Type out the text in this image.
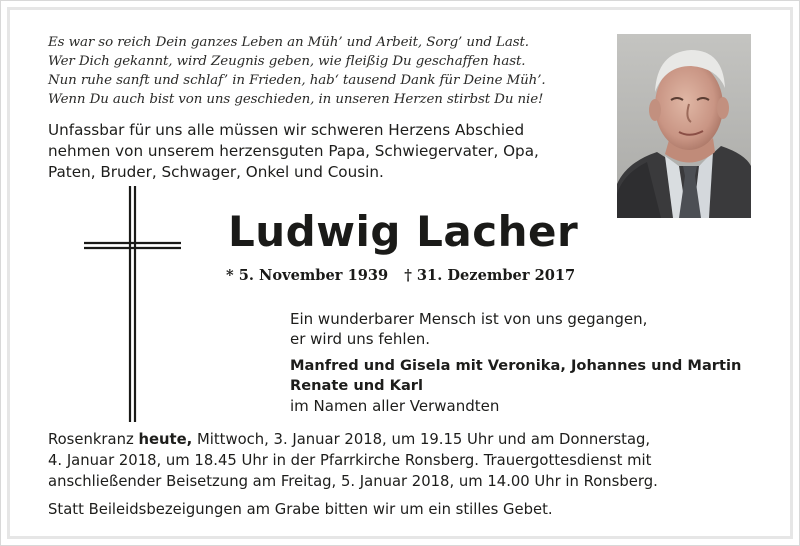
Es war so reich Dein ganzes Leben an Müh’ und Arbeit, Sorg’ und Last.
Wer Dich gekannt, wird Zeugnis geben, wie fleißig Du geschaffen hast.
Nun ruhe sanft und schlaf’ in Frieden, hab‘ tausend Dank für Deine Müh’.
Wenn Du auch bist von uns geschieden, in unseren Herzen stirbst Du nie!
Unfassbar für uns alle müssen wir schweren Herzens Abschied
nehmen von unserem herzensguten Papa, Schwiegervater, Opa,
Paten, Bruder, Schwager, Onkel und Cousin.
Ludwig Lacher
* 5. November 1939 † 31. Dezember 2017
Ein wunderbarer Mensch ist von uns gegangen,
er wird uns fehlen.
Manfred und Gisela mit Veronika, Johannes und Martin
Renate und Karl
im Namen aller Verwandten
Rosenkranz heute, Mittwoch, 3. Januar 2018, um 19.15 Uhr und am Donnerstag,
4. Januar 2018, um 18.45 Uhr in der Pfarrkirche Ronsberg. Trauergottesdienst mit
anschließender Beisetzung am Freitag, 5. Januar 2018, um 14.00 Uhr in Ronsberg.
Statt Beileidsbezeigungen am Grabe bitten wir um ein stilles Gebet.
